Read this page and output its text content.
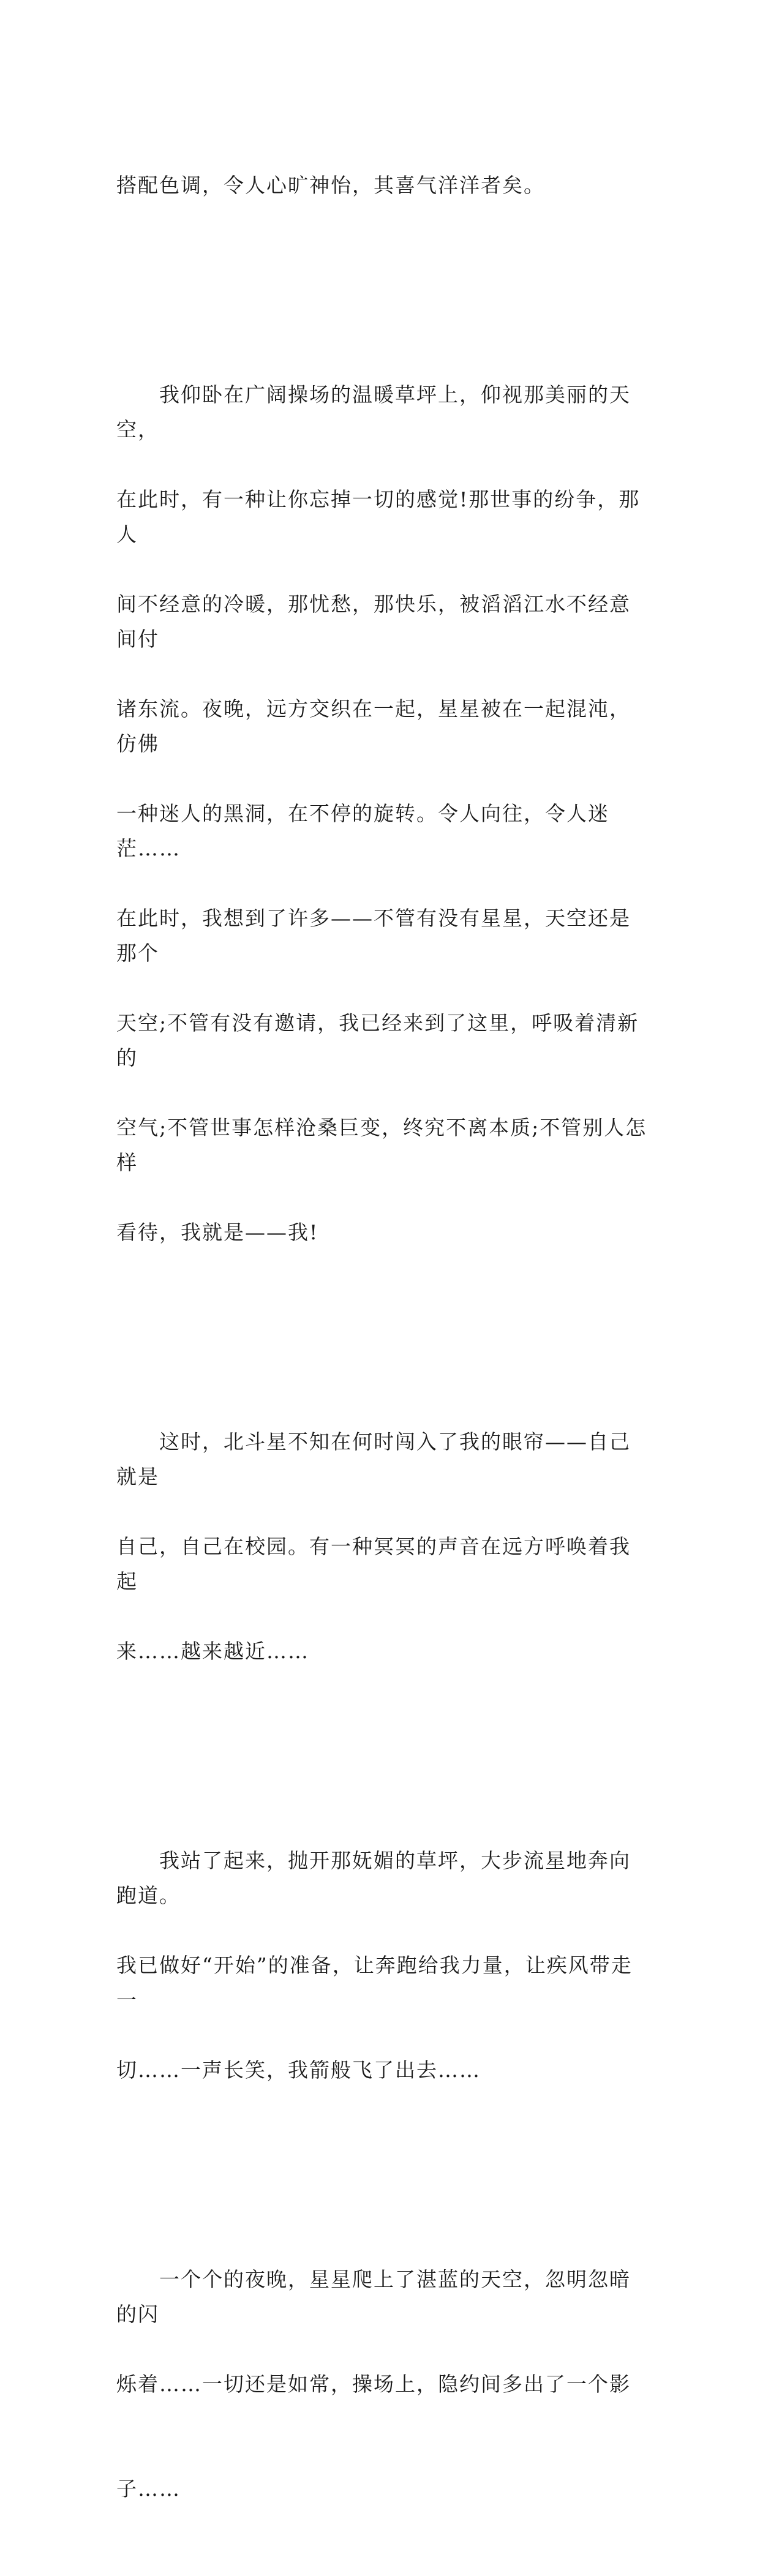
搭配色调，令人心旷神怡，其喜气洋洋者矣。

　　我仰卧在广阔操场的温暖草坪上，仰视那美丽的天空，

在此时，有一种让你忘掉一切的感觉!那世事的纷争，那人

间不经意的冷暖，那忧愁，那快乐，被滔滔江水不经意间付

诸东流。夜晚，远方交织在一起，星星被在一起混沌，仿佛

一种迷人的黑洞，在不停的旋转。令人向往，令人迷茫……

在此时，我想到了许多——不管有没有星星，天空还是那个

天空;不管有没有邀请，我已经来到了这里，呼吸着清新的

空气;不管世事怎样沧桑巨变，终究不离本质;不管别人怎样

看待，我就是——我!

　　这时，北斗星不知在何时闯入了我的眼帘——自己就是

自己，自己在校园。有一种冥冥的声音在远方呼唤着我起

来……越来越近……

　　我站了起来，抛开那妩媚的草坪，大步流星地奔向跑道。

我已做好“开始”的准备，让奔跑给我力量，让疾风带走一

切……一声长笑，我箭般飞了出去……

　　一个个的夜晚，星星爬上了湛蓝的天空，忽明忽暗的闪

烁着……一切还是如常，操场上，隐约间多出了一个影

子……
